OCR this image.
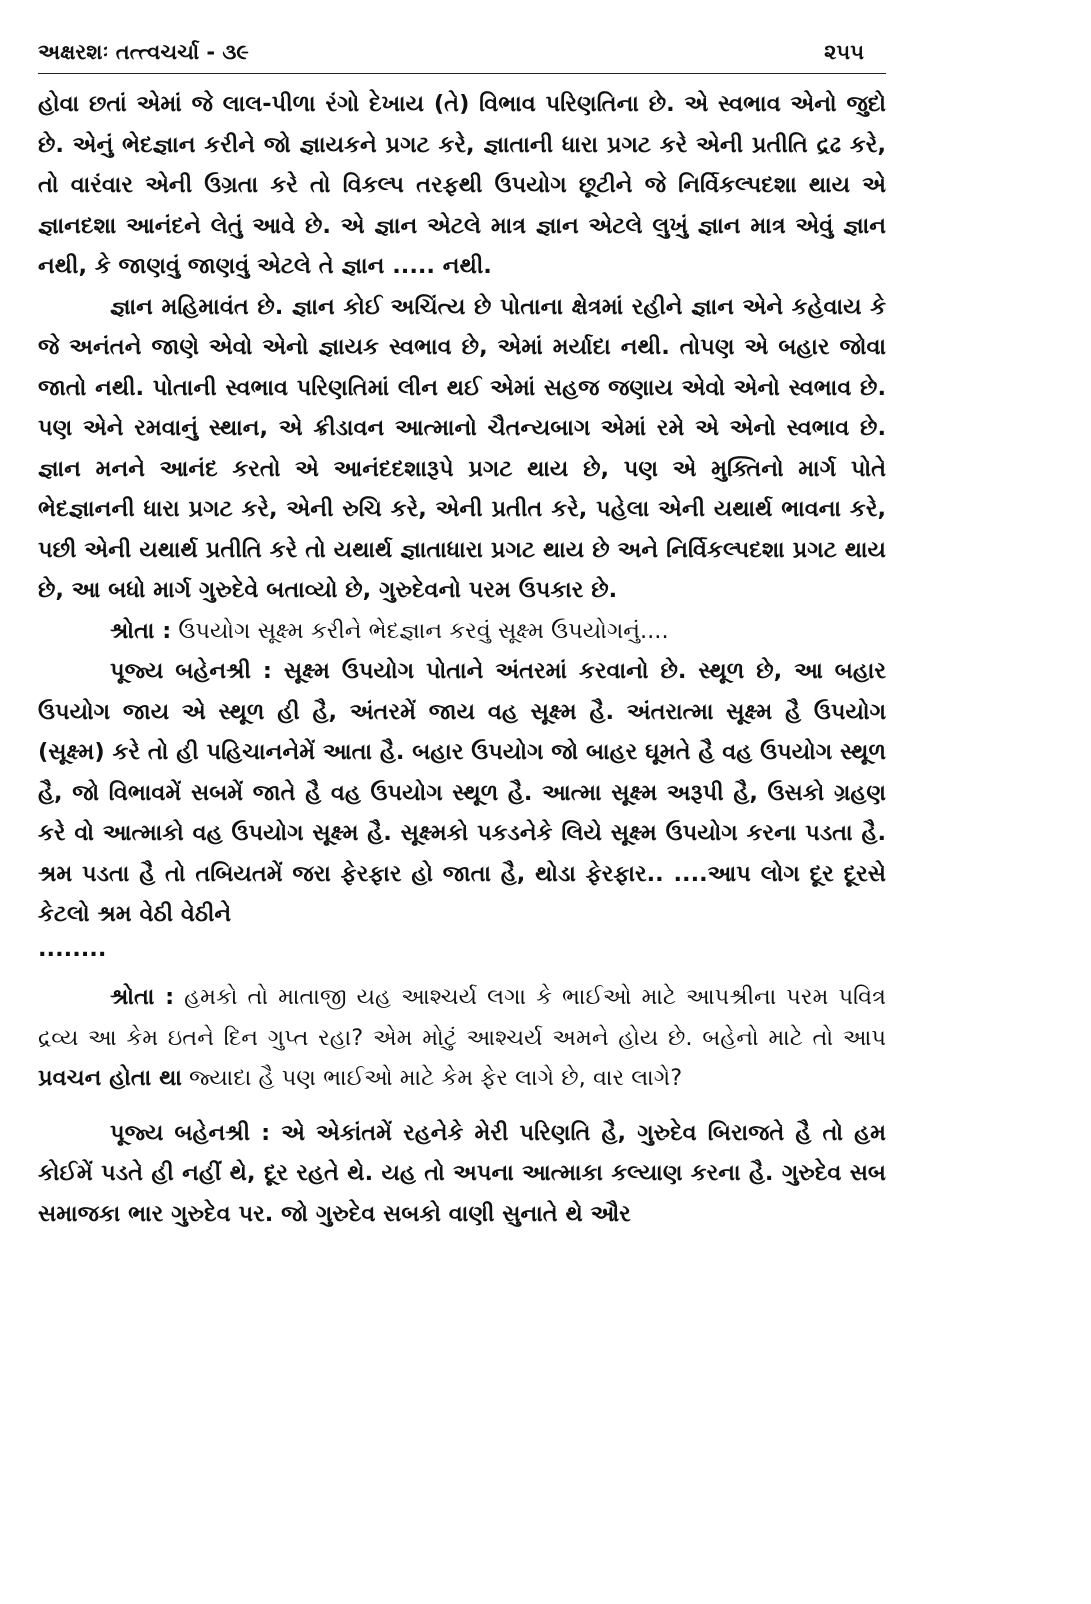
અક્ષરશઃ તત્ત્વચર્ચા - ૩૯	૨૫૫

હોવા છતાં એમાં જે લાલ-પીળા રંગો દેખાય (તે) વિભાવ પરિણતિના છે. એ સ્વભાવ એનો જુદો છે. એનું ભેદજ્ઞાન કરીને જો જ્ઞાયકને પ્રગટ કરે, જ્ઞાતાની ધારા પ્રગટ કરે એની પ્રતીતિ દ્રઢ કરે, તો વારંવાર એની ઉગ્રતા કરે તો વિકલ્પ તરફથી ઉપયોગ છૂટીને જે નિર્વિકલ્પદશા થાય એ જ્ઞાનદશા આનંદને લેતું આવે છે. એ જ્ઞાન એટલે માત્ર જ્ઞાન એટલે લુખું જ્ઞાન માત્ર એવું જ્ઞાન નથી, કે જાણવું જાણવું એટલે તે જ્ઞાન ..... નથી.

જ્ઞાન મહિમાવંત છે. જ્ઞાન કોઈ અચિંત્ય છે પોતાના ક્ષેત્રમાં રહીને જ્ઞાન એને કહેવાય કે જે અનંતને જાણે એવો એનો જ્ઞાયક સ્વભાવ છે, એમાં મર્યાદા નથી. તોપણ એ બહાર જોવા જાતો નથી. પોતાની સ્વભાવ પરિણતિમાં લીન થઈ એમાં સહજ જણાય એવો એનો સ્વભાવ છે. પણ એને રમવાનું સ્થાન, એ ક્રીડાવન આત્માનો ચૈતન્યબાગ એમાં રમે એ એનો સ્વભાવ છે. જ્ઞાન મનને આનંદ કરતો એ આનંદદશારૂપે પ્રગટ થાય છે, પણ એ મુક્તિનો માર્ગ પોતે ભેદજ્ઞાનની ધારા પ્રગટ કરે, એની રુચિ કરે, એની પ્રતીત કરે, પહેલા એની યથાર્થ ભાવના કરે, પછી એની યથાર્થ પ્રતીતિ કરે તો યથાર્થ જ્ઞાતાધારા પ્રગટ થાય છે અને નિર્વિકલ્પદશા પ્રગટ થાય છે, આ બધો માર્ગ ગુરુદેવે બતાવ્યો છે, ગુરુદેવનો પરમ ઉપકાર છે.

શ્રોતા : ઉપયોગ સૂક્ષ્મ કરીને ભેદજ્ઞાન કરવું સૂક્ષ્મ ઉપયોગનું....

પૂજ્ય બહેનશ્રી : સૂક્ષ્મ ઉપયોગ પોતાને અંતરમાં કરવાનો છે. સ્થૂળ છે, આ બહાર ઉપયોગ જાય એ સ્થૂળ હી હૈ, અંતરમેં જાય વહ સૂક્ષ્મ હૈ. અંતરાત્મા સૂક્ષ્મ હૈ ઉપયોગ (સૂક્ષ્મ) કરે તો હી પહિચાનનેમેં આતા હૈ. બહાર ઉપયોગ જો બાહર ઘૂમતે હૈ વહ ઉપયોગ સ્થૂળ હૈ, જો વિભાવમેં સબમેં જાતે હૈ વહ ઉપયોગ સ્થૂળ હૈ. આત્મા સૂક્ષ્મ અરૂપી હૈ, ઉસકો ગ્રહણ કરે વો આત્માકો વહ ઉપયોગ સૂક્ષ્મ હૈ. સૂક્ષ્મકો પકડનેકે લિયે સૂક્ષ્મ ઉપયોગ કરના પડતા હૈ. શ્રમ પડતા હૈ તો તબિયતમેં જરા ફેરફાર હો જાતા હૈ, થોડા ફેરફાર.. ....આપ લોગ દૂર દૂરસે કેટલો શ્રમ વેઠી વેઠીને

........

શ્રોતા : હમકો તો માતાજી યહ આશ્ચર્ય લગા કે ભાઈઓ માટે આપશ્રીના પરમ પવિત્ર દ્રવ્ય આ કેમ ઇતને દિન ગુપ્ત રહા? એમ મોટું આશ્ચર્ય અમને હોય છે. બહેનો માટે તો આપ પ્રવચન હોતા થા જ્યાદા હૈ પણ ભાઈઓ માટે કેમ ફેર લાગે છે, વાર લાગે?

પૂજ્ય બહેનશ્રી : એ એકાંતમેં રહનેકે મેરી પરિણતિ હૈ, ગુરુદેવ બિરાજતે હૈ તો હમ કોઈમેં પડતે હી નહીં થે, દૂર રહતે થે. યહ તો અપના આત્માકા કલ્યાણ કરના હૈ. ગુરુદેવ સબ સમાજકા ભાર ગુરુદેવ પર. જો ગુરુદેવ સબકો વાણી સુનાતે થે ઔર
